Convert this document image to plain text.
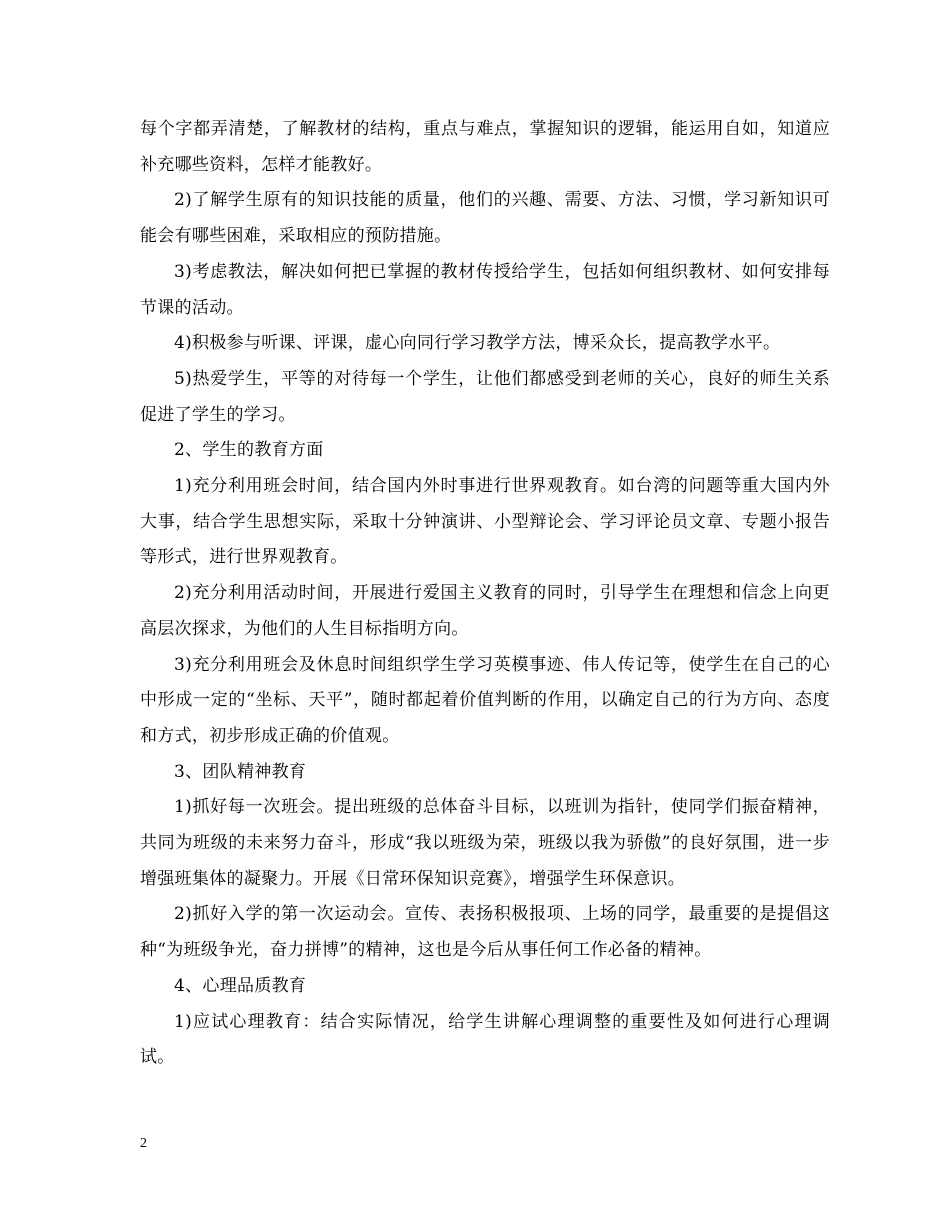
每个字都弄清楚，了解教材的结构，重点与难点，掌握知识的逻辑，能运用自如，知道应补充哪些资料，怎样才能教好。

2)了解学生原有的知识技能的质量，他们的兴趣、需要、方法、习惯，学习新知识可能会有哪些困难，采取相应的预防措施。

3)考虑教法，解决如何把已掌握的教材传授给学生，包括如何组织教材、如何安排每节课的活动。

4)积极参与听课、评课，虚心向同行学习教学方法，博采众长，提高教学水平。

5)热爱学生，平等的对待每一个学生，让他们都感受到老师的关心，良好的师生关系促进了学生的学习。

2、学生的教育方面

1)充分利用班会时间，结合国内外时事进行世界观教育。如台湾的问题等重大国内外大事，结合学生思想实际，采取十分钟演讲、小型辩论会、学习评论员文章、专题小报告等形式，进行世界观教育。

2)充分利用活动时间，开展进行爱国主义教育的同时，引导学生在理想和信念上向更高层次探求，为他们的人生目标指明方向。

3)充分利用班会及休息时间组织学生学习英模事迹、伟人传记等，使学生在自己的心中形成一定的“坐标、天平”，随时都起着价值判断的作用，以确定自己的行为方向、态度和方式，初步形成正确的价值观。

3、团队精神教育

1)抓好每一次班会。提出班级的总体奋斗目标，以班训为指针，使同学们振奋精神，共同为班级的未来努力奋斗，形成“我以班级为荣，班级以我为骄傲”的良好氛围，进一步增强班集体的凝聚力。开展《日常环保知识竞赛》，增强学生环保意识。

2)抓好入学的第一次运动会。宣传、表扬积极报项、上场的同学，最重要的是提倡这种“为班级争光，奋力拼博”的精神，这也是今后从事任何工作必备的精神。

4、心理品质教育

1)应试心理教育：结合实际情况，给学生讲解心理调整的重要性及如何进行心理调试。

2
